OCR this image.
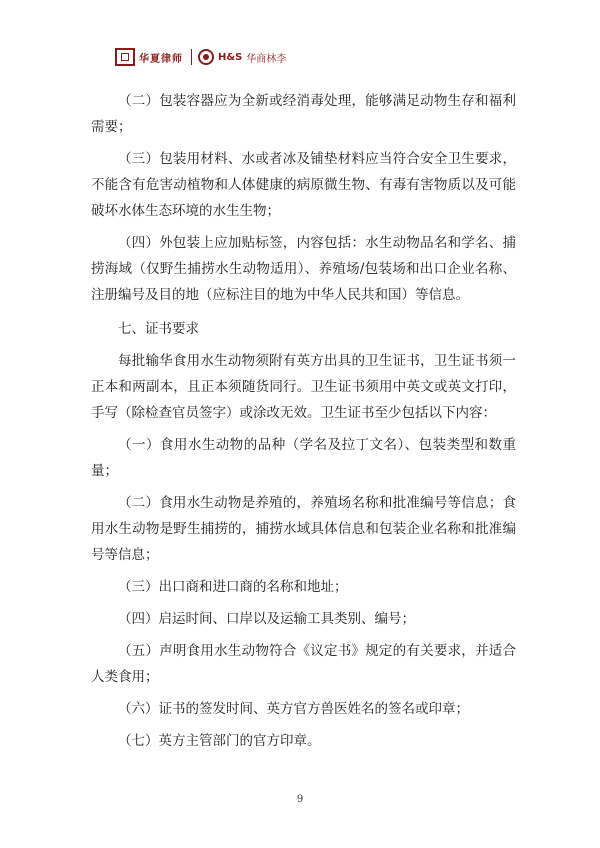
华夏律师	H&S 华商林李

（二）包装容器应为全新或经消毒处理，能够满足动物生存和福利需要；

（三）包装用材料、水或者冰及铺垫材料应当符合安全卫生要求，不能含有危害动植物和人体健康的病原微生物、有毒有害物质以及可能破坏水体生态环境的水生生物；

（四）外包装上应加贴标签，内容包括：水生动物品名和学名、捕捞海域（仅野生捕捞水生动物适用）、养殖场/包装场和出口企业名称、注册编号及目的地（应标注目的地为中华人民共和国）等信息。

七、证书要求

每批输华食用水生动物须附有英方出具的卫生证书，卫生证书须一正本和两副本，且正本须随货同行。卫生证书须用中英文或英文打印，手写（除检查官员签字）或涂改无效。卫生证书至少包括以下内容：

（一）食用水生动物的品种（学名及拉丁文名）、包装类型和数重量；

（二）食用水生动物是养殖的，养殖场名称和批准编号等信息；食用水生动物是野生捕捞的，捕捞水域具体信息和包装企业名称和批准编号等信息；

（三）出口商和进口商的名称和地址；

（四）启运时间、口岸以及运输工具类别、编号；

（五）声明食用水生动物符合《议定书》规定的有关要求，并适合人类食用；

（六）证书的签发时间、英方官方兽医姓名的签名或印章；

（七）英方主管部门的官方印章。

9
